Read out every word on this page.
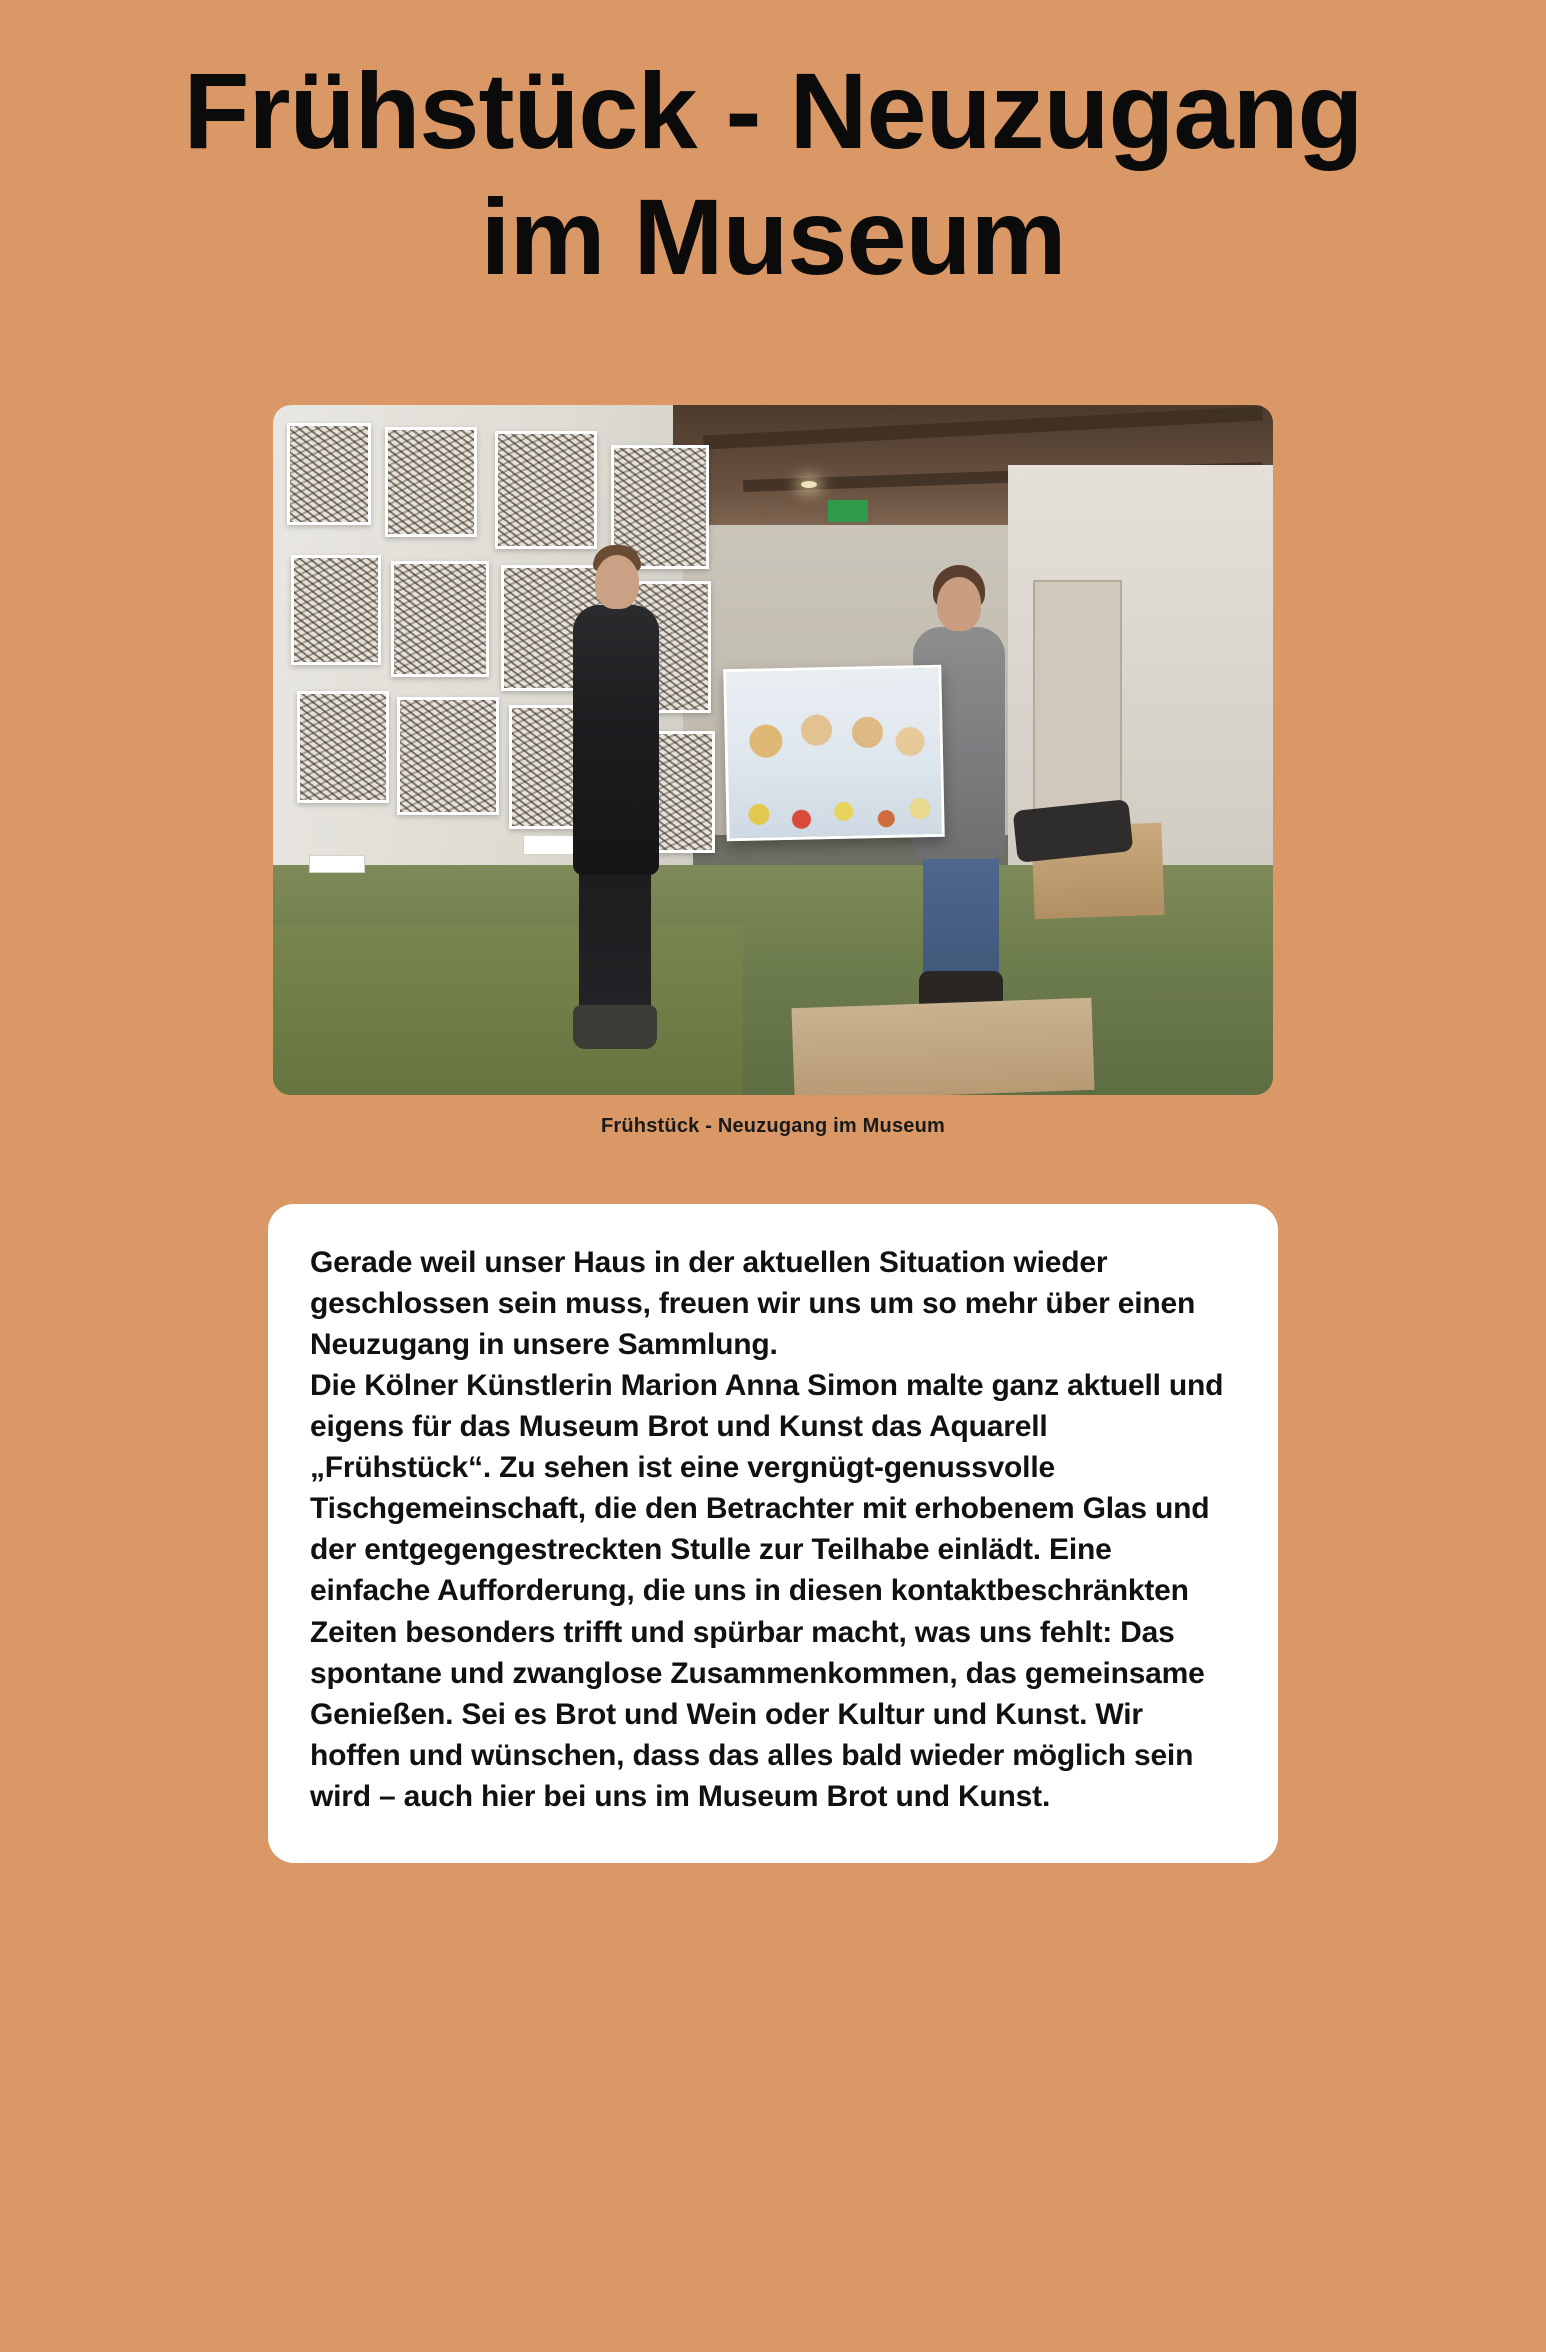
Frühstück - Neuzugang im Museum
Frühstück - Neuzugang im Museum

Gerade weil unser Haus in der aktuellen Situation wieder geschlossen sein muss, freuen wir uns um so mehr über einen Neuzugang in unsere Sammlung.

Die Kölner Künstlerin Marion Anna Simon malte ganz aktuell und eigens für das Museum Brot und Kunst das Aquarell „Frühstück“. Zu sehen ist eine vergnügt-genussvolle Tischgemeinschaft, die den Betrachter mit erhobenem Glas und der entgegengestreckten Stulle zur Teilhabe einlädt. Eine einfache Aufforderung, die uns in diesen kontaktbeschränkten Zeiten besonders trifft und spürbar macht, was uns fehlt: Das spontane und zwanglose Zusammenkommen, das gemeinsame Genießen. Sei es Brot und Wein oder Kultur und Kunst. Wir hoffen und wünschen, dass das alles bald wieder möglich sein wird – auch hier bei uns im Museum Brot und Kunst.
